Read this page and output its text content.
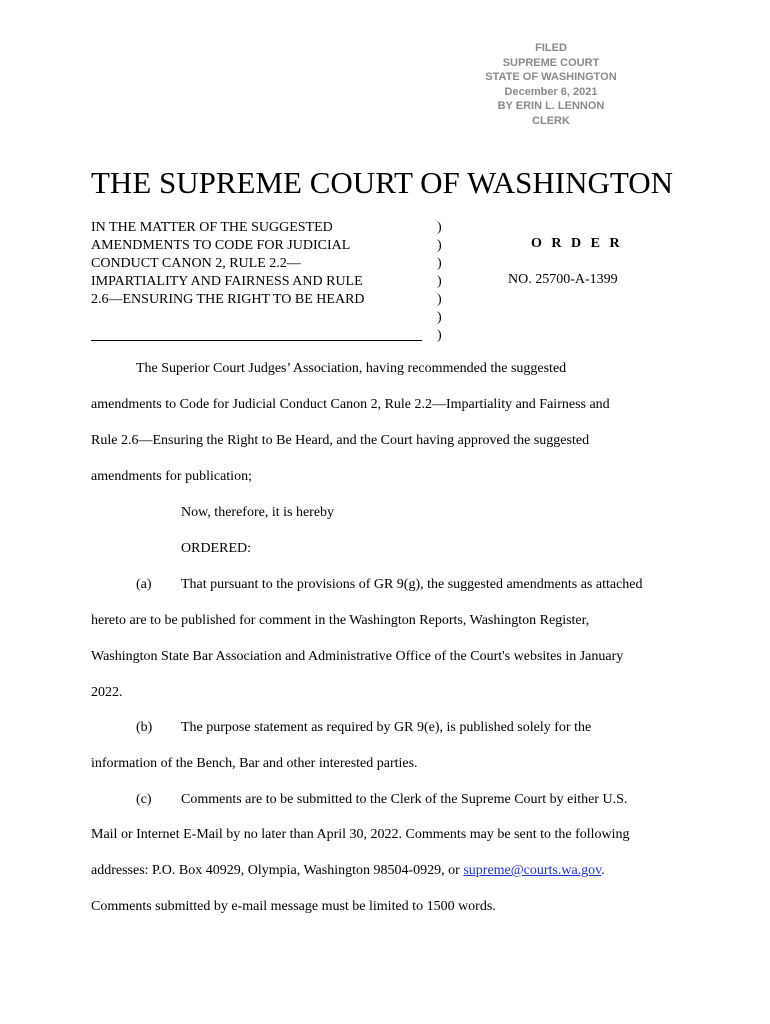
FILED
SUPREME COURT
STATE OF WASHINGTON
December 6, 2021
BY ERIN L. LENNON
CLERK
THE SUPREME COURT OF WASHINGTON
IN THE MATTER OF THE SUGGESTED
AMENDMENTS TO CODE FOR JUDICIAL
CONDUCT CANON 2, RULE 2.2—
IMPARTIALITY AND FAIRNESS AND RULE
2.6—ENSURING THE RIGHT TO BE HEARD
)
)
)
)
)
)
)
O R D E R
NO. 25700-A-1399
The Superior Court Judges’ Association, having recommended the suggested
amendments to Code for Judicial Conduct Canon 2, Rule 2.2—Impartiality and Fairness and
Rule 2.6—Ensuring the Right to Be Heard, and the Court having approved the suggested
amendments for publication;
Now, therefore, it is hereby
ORDERED:
(a) That pursuant to the provisions of GR 9(g), the suggested amendments as attached
hereto are to be published for comment in the Washington Reports, Washington Register,
Washington State Bar Association and Administrative Office of the Court's websites in January
2022.
(b) The purpose statement as required by GR 9(e), is published solely for the
information of the Bench, Bar and other interested parties.
(c) Comments are to be submitted to the Clerk of the Supreme Court by either U.S.
Mail or Internet E-Mail by no later than April 30, 2022. Comments may be sent to the following
addresses: P.O. Box 40929, Olympia, Washington 98504-0929, or supreme@courts.wa.gov.
Comments submitted by e-mail message must be limited to 1500 words.
